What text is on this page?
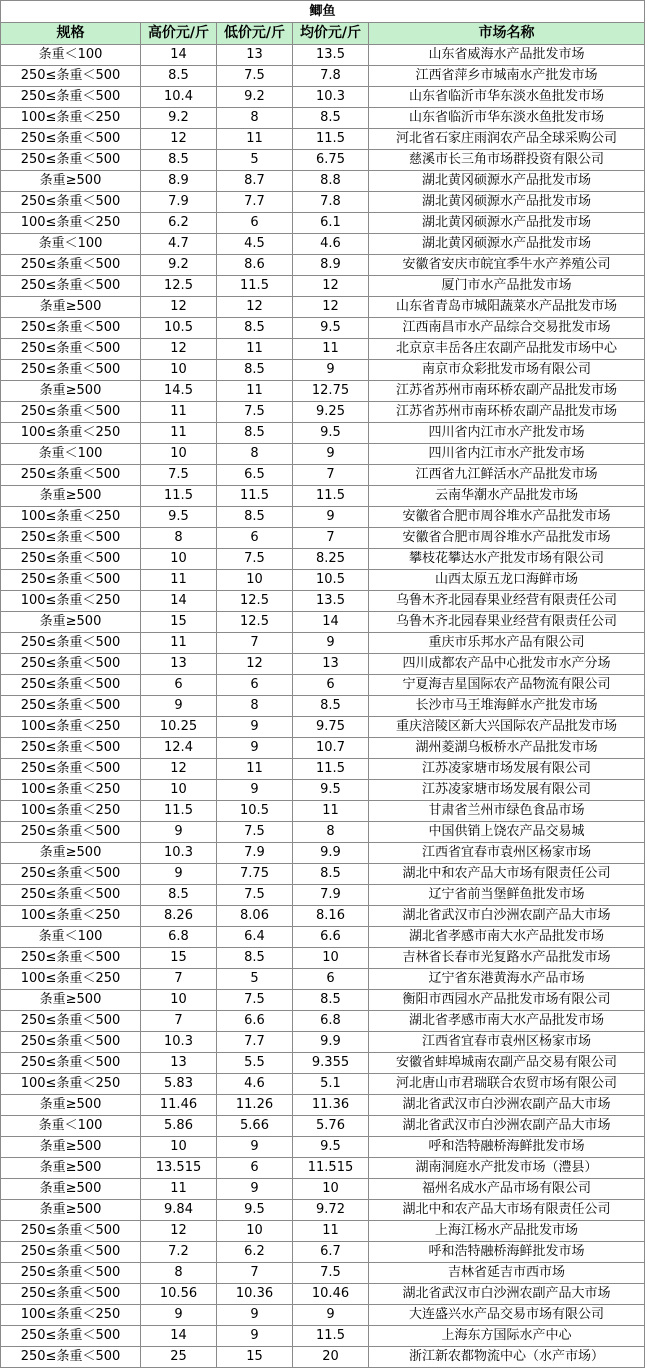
鲫鱼				
规格	高价元/斤	低价元/斤	均价元/斤	市场名称
条重＜100	14	13	13.5	山东省威海水产品批发市场
250≤条重＜500	8.5	7.5	7.8	江西省萍乡市城南水产批发市场
250≤条重＜500	10.4	9.2	10.3	山东省临沂市华东淡水鱼批发市场
100≤条重＜250	9.2	8	8.5	山东省临沂市华东淡水鱼批发市场
250≤条重＜500	12	11	11.5	河北省石家庄雨润农产品全球采购公司
250≤条重＜500	8.5	5	6.75	慈溪市长三角市场群投资有限公司
条重≥500	8.9	8.7	8.8	湖北黄冈硕源水产品批发市场
250≤条重＜500	7.9	7.7	7.8	湖北黄冈硕源水产品批发市场
100≤条重＜250	6.2	6	6.1	湖北黄冈硕源水产品批发市场
条重＜100	4.7	4.5	4.6	湖北黄冈硕源水产品批发市场
250≤条重＜500	9.2	8.6	8.9	安徽省安庆市皖宜季牛水产养殖公司
250≤条重＜500	12.5	11.5	12	厦门市水产品批发市场
条重≥500	12	12	12	山东省青岛市城阳蔬菜水产品批发市场
250≤条重＜500	10.5	8.5	9.5	江西南昌市水产品综合交易批发市场
250≤条重＜500	12	11	11	北京京丰岳各庄农副产品批发市场中心
250≤条重＜500	10	8.5	9	南京市众彩批发市场有限公司
条重≥500	14.5	11	12.75	江苏省苏州市南环桥农副产品批发市场
250≤条重＜500	11	7.5	9.25	江苏省苏州市南环桥农副产品批发市场
100≤条重＜250	11	8.5	9.5	四川省内江市水产批发市场
条重＜100	10	8	9	四川省内江市水产批发市场
250≤条重＜500	7.5	6.5	7	江西省九江鲜活水产品批发市场
条重≥500	11.5	11.5	11.5	云南华潮水产品批发市场
100≤条重＜250	9.5	8.5	9	安徽省合肥市周谷堆水产品批发市场
250≤条重＜500	8	6	7	安徽省合肥市周谷堆水产品批发市场
250≤条重＜500	10	7.5	8.25	攀枝花攀达水产批发市场有限公司
250≤条重＜500	11	10	10.5	山西太原五龙口海鲜市场
100≤条重＜250	14	12.5	13.5	乌鲁木齐北园春果业经营有限责任公司
条重≥500	15	12.5	14	乌鲁木齐北园春果业经营有限责任公司
250≤条重＜500	11	7	9	重庆市乐邦水产品有限公司
250≤条重＜500	13	12	13	四川成都农产品中心批发市水产分场
250≤条重＜500	6	6	6	宁夏海吉星国际农产品物流有限公司
250≤条重＜500	9	8	8.5	长沙市马王堆海鲜水产批发市场
100≤条重＜250	10.25	9	9.75	重庆涪陵区新大兴国际农产品批发市场
250≤条重＜500	12.4	9	10.7	湖州菱湖乌板桥水产品批发市场
250≤条重＜500	12	11	11.5	江苏凌家塘市场发展有限公司
100≤条重＜250	10	9	9.5	江苏凌家塘市场发展有限公司
100≤条重＜250	11.5	10.5	11	甘肃省兰州市绿色食品市场
250≤条重＜500	9	7.5	8	中国供销上饶农产品交易城
条重≥500	10.3	7.9	9.9	江西省宜春市袁州区杨家市场
250≤条重＜500	9	7.75	8.5	湖北中和农产品大市场有限责任公司
250≤条重＜500	8.5	7.5	7.9	辽宁省前当堡鲜鱼批发市场
100≤条重＜250	8.26	8.06	8.16	湖北省武汉市白沙洲农副产品大市场
条重＜100	6.8	6.4	6.6	湖北省孝感市南大水产品批发市场
250≤条重＜500	15	8.5	10	吉林省长春市光复路水产品批发市场
100≤条重＜250	7	5	6	辽宁省东港黄海水产品市场
条重≥500	10	7.5	8.5	衡阳市西园水产品批发市场有限公司
250≤条重＜500	7	6.6	6.8	湖北省孝感市南大水产品批发市场
250≤条重＜500	10.3	7.7	9.9	江西省宜春市袁州区杨家市场
250≤条重＜500	13	5.5	9.355	安徽省蚌埠城南农副产品交易有限公司
100≤条重＜250	5.83	4.6	5.1	河北唐山市君瑞联合农贸市场有限公司
条重≥500	11.46	11.26	11.36	湖北省武汉市白沙洲农副产品大市场
条重＜100	5.86	5.66	5.76	湖北省武汉市白沙洲农副产品大市场
条重≥500	10	9	9.5	呼和浩特融桥海鲜批发市场
条重≥500	13.515	6	11.515	湖南洞庭水产批发市场（澧县）
条重≥500	11	9	10	福州名成水产品市场有限公司
条重≥500	9.84	9.5	9.72	湖北中和农产品大市场有限责任公司
250≤条重＜500	12	10	11	上海江杨水产品批发市场
250≤条重＜500	7.2	6.2	6.7	呼和浩特融桥海鲜批发市场
250≤条重＜500	8	7	7.5	吉林省延吉市西市场
250≤条重＜500	10.56	10.36	10.46	湖北省武汉市白沙洲农副产品大市场
100≤条重＜250	9	9	9	大连盛兴水产品交易市场有限公司
250≤条重＜500	14	9	11.5	上海东方国际水产中心
250≤条重＜500	25	15	20	浙江新农都物流中心（水产市场）
